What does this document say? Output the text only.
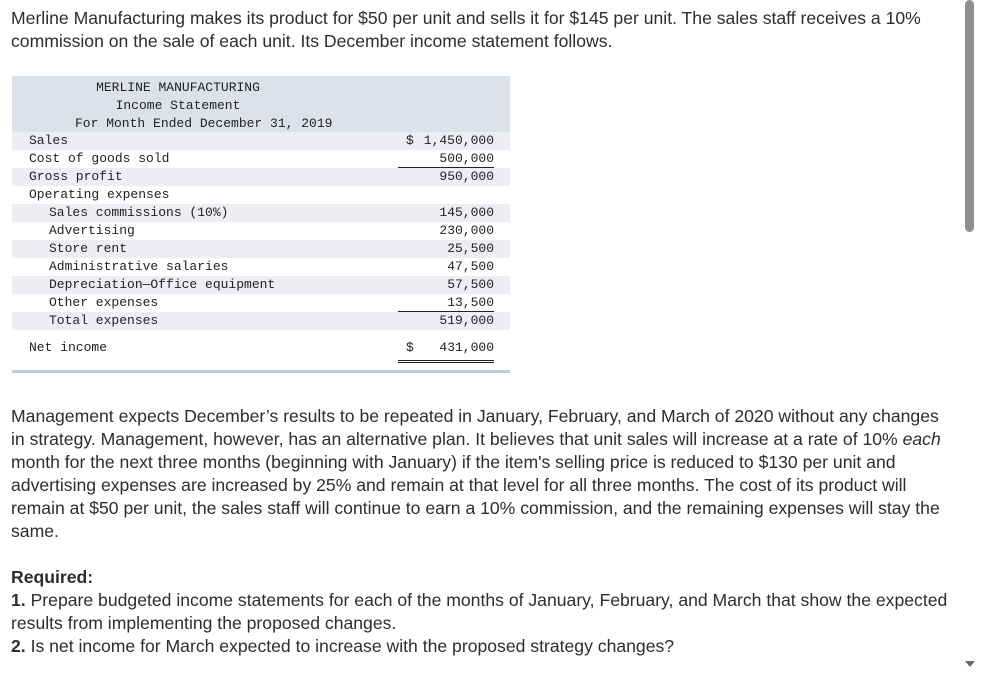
Merline Manufacturing makes its product for $50 per unit and sells it for $145 per unit. The sales staff receives a 10% commission on the sale of each unit. Its December income statement follows.

MERLINE MANUFACTURING
Income Statement
For Month Ended December 31, 2019
Sales	$ 1,450,000
Cost of goods sold	500,000
Gross profit	950,000
Operating expenses
Sales commissions (10%)	145,000
Advertising	230,000
Store rent	25,500
Administrative salaries	47,500
Depreciation—Office equipment	57,500
Other expenses	13,500
Total expenses	519,000
Net income	$ 431,000

Management expects December’s results to be repeated in January, February, and March of 2020 without any changes in strategy. Management, however, has an alternative plan. It believes that unit sales will increase at a rate of 10% each month for the next three months (beginning with January) if the item's selling price is reduced to $130 per unit and advertising expenses are increased by 25% and remain at that level for all three months. The cost of its product will remain at $50 per unit, the sales staff will continue to earn a 10% commission, and the remaining expenses will stay the same.

Required:
1. Prepare budgeted income statements for each of the months of January, February, and March that show the expected results from implementing the proposed changes.
2. Is net income for March expected to increase with the proposed strategy changes?
